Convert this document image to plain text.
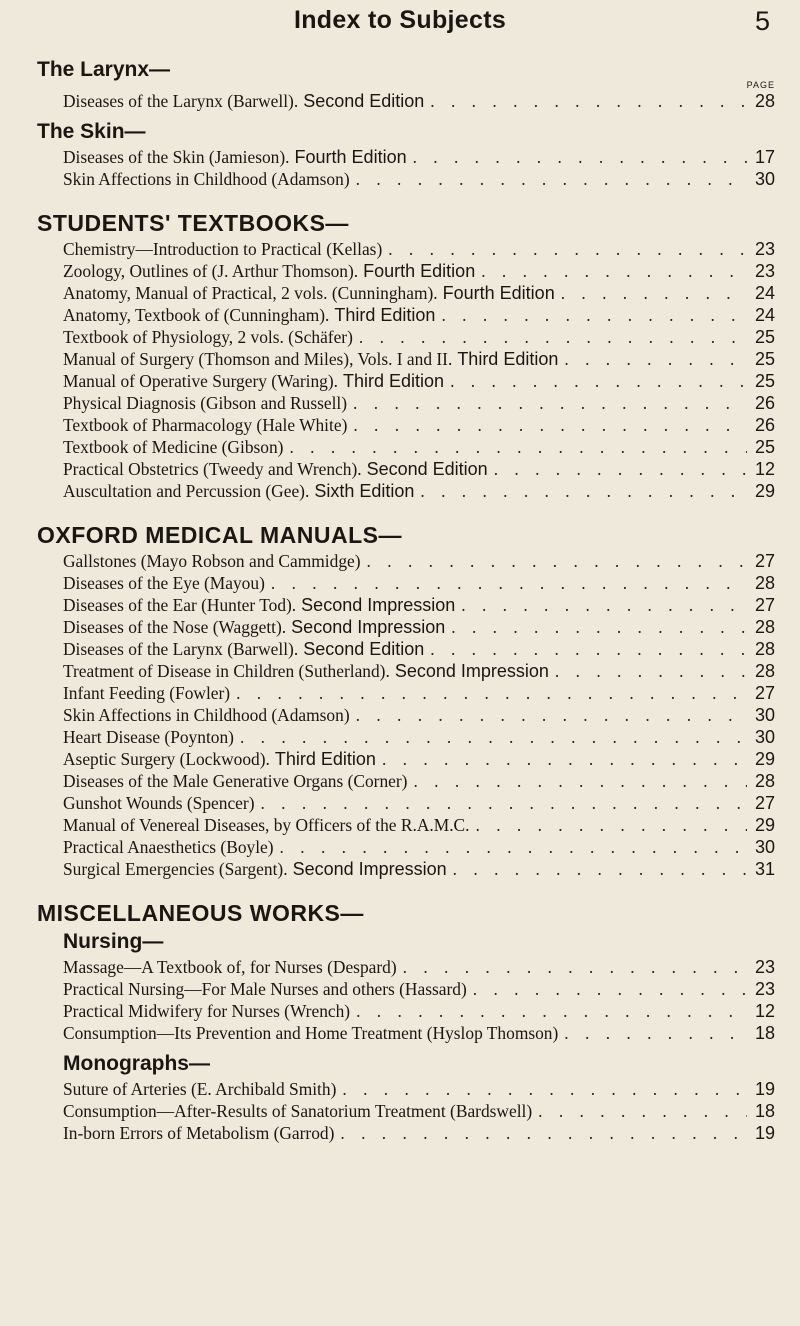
Index to Subjects	5
The Larynx—
PAGE
Diseases of the Larynx (Barwell). Second Edition . . .	28
The Skin—
Diseases of the Skin (Jamieson). Fourth Edition . . .	17
Skin Affections in Childhood (Adamson) . . .	30
STUDENTS' TEXTBOOKS—
Chemistry—Introduction to Practical (Kellas) . . .	23
Zoology, Outlines of (J. Arthur Thomson). Fourth Edition . . .	23
Anatomy, Manual of Practical, 2 vols. (Cunningham). Fourth Edition . . .	24
Anatomy, Textbook of (Cunningham). Third Edition . . .	24
Textbook of Physiology, 2 vols. (Schäfer) . . .	25
Manual of Surgery (Thomson and Miles), Vols. I and II. Third Edition . . .	25
Manual of Operative Surgery (Waring). Third Edition . . .	25
Physical Diagnosis (Gibson and Russell) . . .	26
Textbook of Pharmacology (Hale White) . . .	26
Textbook of Medicine (Gibson) . . .	25
Practical Obstetrics (Tweedy and Wrench). Second Edition . . .	12
Auscultation and Percussion (Gee). Sixth Edition . . .	29
OXFORD MEDICAL MANUALS—
Gallstones (Mayo Robson and Cammidge) . . .	27
Diseases of the Eye (Mayou) . . .	28
Diseases of the Ear (Hunter Tod). Second Impression . . .	27
Diseases of the Nose (Waggett). Second Impression . . .	28
Diseases of the Larynx (Barwell). Second Edition . . .	28
Treatment of Disease in Children (Sutherland). Second Impression . . .	28
Infant Feeding (Fowler) . . .	27
Skin Affections in Childhood (Adamson) . . .	30
Heart Disease (Poynton) . . .	30
Aseptic Surgery (Lockwood). Third Edition . . .	29
Diseases of the Male Generative Organs (Corner) . . .	28
Gunshot Wounds (Spencer) . . .	27
Manual of Venereal Diseases, by Officers of the R.A.M.C. . . .	29
Practical Anaesthetics (Boyle) . . .	30
Surgical Emergencies (Sargent). Second Impression . . .	31
MISCELLANEOUS WORKS—
Nursing—
Massage—A Textbook of, for Nurses (Despard) . . .	23
Practical Nursing—For Male Nurses and others (Hassard) . . .	23
Practical Midwifery for Nurses (Wrench) . . .	12
Consumption—Its Prevention and Home Treatment (Hyslop Thomson) . . .	18
Monographs—
Suture of Arteries (E. Archibald Smith) . . .	19
Consumption—After-Results of Sanatorium Treatment (Bardswell) . . .	18
In-born Errors of Metabolism (Garrod) . . .	19
